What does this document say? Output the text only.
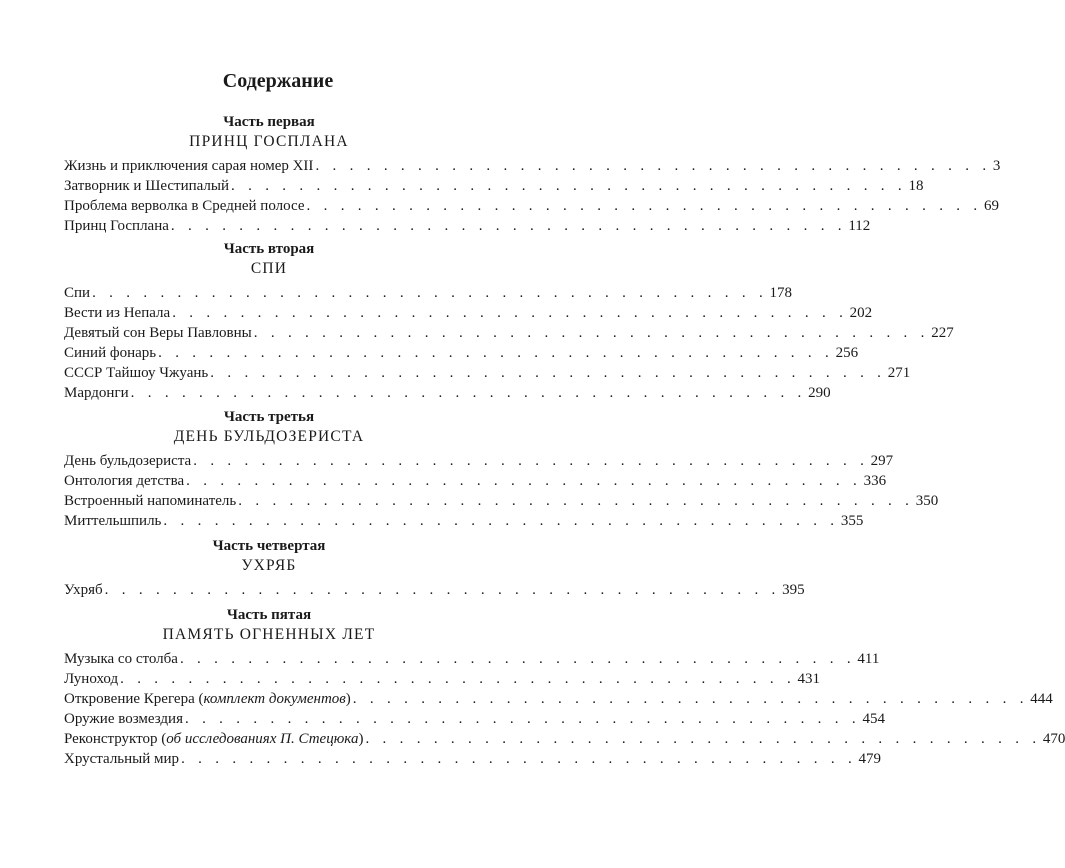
Содержание
Часть первая
ПРИНЦ ГОСПЛАНА
Жизнь и приключения сарая номер XII . . . . . . . . . . . . . . . . . . . . . . . . . . . . . . . . . . . . . . . . 3
Затворник и Шестипалый . . . . . . . . . . . . . . . . . . . . . . . . . . . . . . . . . . . . . . . . 18
Проблема верволка в Средней полосе . . . . . . . . . . . . . . . . . . . . . . . . . . . . . . . . . . . . . . . . 69
Принц Госплана . . . . . . . . . . . . . . . . . . . . . . . . . . . . . . . . . . . . . . . . 112
Часть вторая
СПИ
Спи . . . . . . . . . . . . . . . . . . . . . . . . . . . . . . . . . . . . . . . . 178
Вести из Непала . . . . . . . . . . . . . . . . . . . . . . . . . . . . . . . . . . . . . . . . 202
Девятый сон Веры Павловны . . . . . . . . . . . . . . . . . . . . . . . . . . . . . . . . . . . . . . . . 227
Синий фонарь . . . . . . . . . . . . . . . . . . . . . . . . . . . . . . . . . . . . . . . . 256
СССР Тайшоу Чжуань . . . . . . . . . . . . . . . . . . . . . . . . . . . . . . . . . . . . . . . . 271
Мардонги . . . . . . . . . . . . . . . . . . . . . . . . . . . . . . . . . . . . . . . . 290
Часть третья
ДЕНЬ БУЛЬДОЗЕРИСТА
День бульдозериста . . . . . . . . . . . . . . . . . . . . . . . . . . . . . . . . . . . . . . . . 297
Онтология детства . . . . . . . . . . . . . . . . . . . . . . . . . . . . . . . . . . . . . . . . 336
Встроенный напоминатель . . . . . . . . . . . . . . . . . . . . . . . . . . . . . . . . . . . . . . . . 350
Миттельшпиль . . . . . . . . . . . . . . . . . . . . . . . . . . . . . . . . . . . . . . . . 355
Часть четвертая
УХРЯБ
Ухряб . . . . . . . . . . . . . . . . . . . . . . . . . . . . . . . . . . . . . . . . 395
Часть пятая
ПАМЯТЬ ОГНЕННЫХ ЛЕТ
Музыка со столба . . . . . . . . . . . . . . . . . . . . . . . . . . . . . . . . . . . . . . . . 411
Луноход . . . . . . . . . . . . . . . . . . . . . . . . . . . . . . . . . . . . . . . . 431
Откровение Крегера (комплект документов) . . . . . . . . . . . . . . . . . . . . . . . . . . . . . . . . . . . . . . . . 444
Оружие возмездия . . . . . . . . . . . . . . . . . . . . . . . . . . . . . . . . . . . . . . . . 454
Реконструктор (об исследованиях П. Стецюка) . . . . . . . . . . . . . . . . . . . . . . . . . . . . . . . . . . . . . . . . 470
Хрустальный мир . . . . . . . . . . . . . . . . . . . . . . . . . . . . . . . . . . . . . . . . 479
